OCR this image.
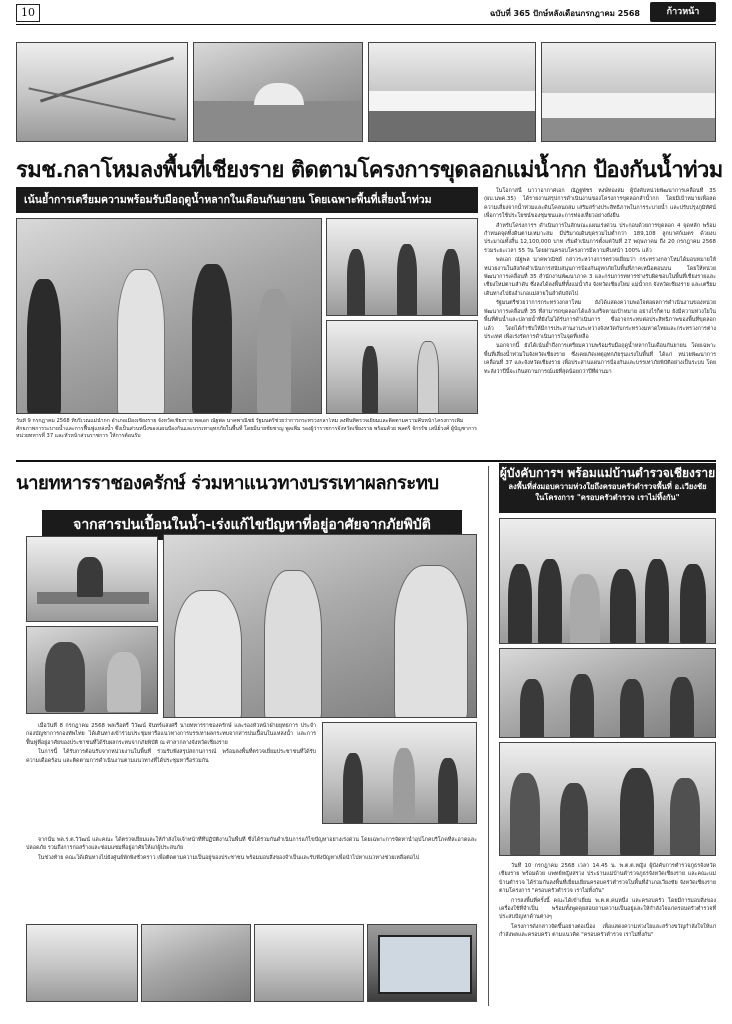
10	ฉบับที่ 365 ปักษ์หลังเดือนกรกฎาคม 2568	ก้าวหน้า
รมช.กลาโหมลงพื้นที่เชียงราย ติดตามโครงการขุดลอกแม่น้ำกก ป้องกันน้ำท่วม
เน้นย้ำการเตรียมความพร้อมรับมือฤดูน้ำหลากในเดือนกันยายน โดยเฉพาะพื้นที่เสี่ยงน้ำท่วม
วันที่ 9 กรกฎาคม 2568 ที่บริเวณแม่น้ำกก อำเภอเมืองเชียงราย จังหวัดเชียงราย พลเอก ณัฐพล นาคพาณิชย์ รัฐมนตรีช่วยว่าการกระทรวงกลาโหม ลงพื้นที่ตรวจเยี่ยมและติดตามความคืบหน้าโครงการเพิ่มศักยภาพการระบายน้ำและการฟื้นฟูแหล่งน้ำ ซึ่งเป็นส่วนหนึ่งของแผนป้องกันและบรรเทาอุทกภัยในพื้นที่ โดยมีนายชัยชาญ พูลเพิ่ม รองผู้ว่าราชการจังหวัดเชียงราย พร้อมด้วย พลตรี จักรรัช เสนีย์วงศ์ ผู้บัญชาการหน่วยทหารที่ 37 และหัวหน้าส่วนราชการ ให้การต้อนรับ

ในโอกาสนี้ นาวาอากาศเอก ณัฏฐพัชร หงษ์ทองสม ผู้บังคับหน่วยพัฒนาการเคลื่อนที่ 35 (ผบ.นพค.35) ได้รายงานสรุปการดำเนินงานของโครงการขุดลอกลำน้ำกก โดยมีเป้าหมายเพื่อลดความเสี่ยงจากน้ำท่วมและดินโคลนถล่ม เสริมสร้างประสิทธิภาพในการระบายน้ำ และปรับปรุงภูมิทัศน์เพื่อการใช้ประโยชน์ของชุมชนและการท่องเที่ยวอย่างยั่งยืน

สำหรับโครงการฯ ดำเนินการในลักษณะแผนเร่งด่วน ประกอบด้วยการขุดลอก 4 จุดหลัก พร้อมกำหนดจุดทิ้งดินตามเหมาะสม มีปริมาณดินขุดรวมไม่ต่ำกว่า 189,108 ลูกบาศก์เมตร ด้วยงบประมาณทั้งสิ้น 12,100,000 บาท เริ่มดำเนินการตั้งแต่วันที่ 27 พฤษภาคม ถึง 20 กรกฎาคม 2568 รวมระยะเวลา 55 วัน โดยผ่านครอบโครงการมีความคืบหน้า 100% แล้ว

พลเอก ณัฐพล นาคพาณิชย์ กล่าวระหว่างการตรวจเยี่ยมว่า กระทรวงกลาโหมได้มอบหมายให้หน่วยงานในสังกัดดำเนินการสนับสนุนการป้องกันอุทกภัยในพื้นที่ภาคเหนือตอนบน โดยให้หน่วยพัฒนาการเคลื่อนที่ 35 สำนักงานพัฒนาภาค 3 และกรมการทหารช่างรับผิดชอบในพื้นที่เชียงรายและเชียงใหม่ตามลำดับ ซึ่งลงได้ลงพื้นที่ทั้งแม่น้ำกิง จังหวัดเชียงใหม่ แม่น้ำกก จังหวัดเชียงราย และเตรียมเดินทางไปยังอำเภอแม่สายในลำดับถัดไป

รัฐมนตรีช่วยว่าการกระทรวงกลาโหม ยังได้แสดงความพอใจต่อผลการดำเนินงานของหน่วยพัฒนาการเคลื่อนที่ 35 ที่สามารถขุดลอกได้แล้วเสร็จตามเป้าหมาย อย่างไรก็ตาม ยังมีความห่วงใยในพื้นที่ต้นน้ำและปลายน้ำที่ยังไม่ได้รับการดำเนินการ ซึ่งอาจกระทบต่อประสิทธิภาพของพื้นที่ขุดลอกแล้ว โดยได้กำชับให้มีการประสานงานระหว่างจังหวัดกับกระทรวงมหาดไทยและกระทรวงการต่างประเทศ เพื่อเร่งรัดการดำเนินการในจุดที่เหลือ

นอกจากนี้ ยังได้เน้นย้ำถึงการเตรียมความพร้อมรับมือฤดูน้ำหลากในเดือนกันยายน โดยเฉพาะพื้นที่เสี่ยงน้ำท่วมในจังหวัดเชียงราย ซึ่งเคยเกิดเหตุอุทกภัยรุนแรงในพื้นที่ ได้แก่ หน่วยพัฒนาการเคลื่อนที่ 37 และจังหวัดเชียงราย เพื่อประสานแผนการป้องกันและบรรเทาภัยพิบัติอย่างเป็นระบบ โดยทะลังว่าปีนี้จะเกินสถานการณ์แย่ที่สุดน้อยกว่าปีที่ผ่านมา

นายทหารราชองครักษ์ ร่วมหาแนวทางบรรเทาผลกระทบ
จากสารปนเปื้อนในน้ำ-เร่งแก้ไขปัญหาที่อยู่อาศัยจากภัยพิบัติ

เมื่อวันที่ 8 กรกฎาคม 2568 พลเรือตรี วิวัฒน์ จันทร์แสงศรี นายทหารราชองครักษ์ และรองหัวหน้าฝ่ายยุทธการ ประจำกองบัญชาการกองทัพไทย ได้เดินทางเข้าร่วมประชุมหารือแนวทางการบรรเทาผลกระทบจากสารปนเปื้อนในแหล่งน้ำ และการฟื้นฟูที่อยู่อาศัยของประชาชนที่ได้รับผลกระทบจากภัยพิบัติ ณ ศาลากลางจังหวัดเชียงราย

ในการนี้ ได้รับการต้อนรับจากหน่วยงานในพื้นที่ ร่วมรับฟังสรุปสถานการณ์ พร้อมลงพื้นที่ตรวจเยี่ยมประชาชนที่ได้รับความเดือดร้อน และติดตามการดำเนินงานตามแนวทางที่ได้ประชุมหารือร่วมกัน

จากนั้น พล.ร.ต.วิวัฒน์ และคณะ ได้ตรวจเยี่ยมและให้กำลังใจเจ้าหน้าที่ที่ปฏิบัติงานในพื้นที่ ซึ่งได้ร่วมกันดำเนินการแก้ไขปัญหาอย่างเร่งด่วน โดยเฉพาะการจัดหาน้ำอุปโภคบริโภคที่สะอาดและปลอดภัย รวมถึงการก่อสร้างและซ่อมแซมที่อยู่อาศัยให้แก่ผู้ประสบภัย

ในช่วงท้าย คณะได้เดินทางไปยังศูนย์พักพิงชั่วคราว เพื่อติดตามความเป็นอยู่ของประชาชน พร้อมมอบสิ่งของจำเป็นและรับฟังปัญหาเพื่อนำไปหาแนวทางช่วยเหลือต่อไป

ผู้บังคับการฯ พร้อมแม่บ้านตำรวจเชียงราย
ลงพื้นที่ส่งมอบความห่วงใยถึงครอบครัวตำรวจพื้นที่ อ.เวียงชัย
ในโครงการ "ครอบครัวตำรวจ เราไม่ทิ้งกัน"

วันที่ 10 กรกฎาคม 2568 เวลา 14.45 น. พ.ต.ต.หญิง ผู้บังคับการตำรวจภูธรจังหวัดเชียงราย พร้อมด้วย แพทย์หญิงสรวง ประธานแม่บ้านตำรวจภูธรจังหวัดเชียงราย และคณะแม่บ้านตำรวจ ได้ร่วมกันลงพื้นที่เยี่ยมเยียนครอบครัวตำรวจในพื้นที่อำเภอเวียงชัย จังหวัดเชียงราย ตามโครงการ "ครอบครัวตำรวจ เราไม่ทิ้งกัน"

การลงพื้นที่ครั้งนี้ คณะได้เข้าเยี่ยม พ.ต.ต.คนหนึ่ง และครอบครัว โดยมีการมอบสิ่งของเครื่องใช้ที่จำเป็น พร้อมทั้งพูดคุยสอบถามความเป็นอยู่และให้กำลังใจแก่ครอบครัวตำรวจที่ประสบปัญหาด้านต่างๆ

โครงการดังกล่าวจัดขึ้นอย่างต่อเนื่อง เพื่อแสดงความห่วงใยและสร้างขวัญกำลังใจให้แก่กำลังพลและครอบครัว ตามแนวคิด "ครอบครัวตำรวจ เราไม่ทิ้งกัน"
